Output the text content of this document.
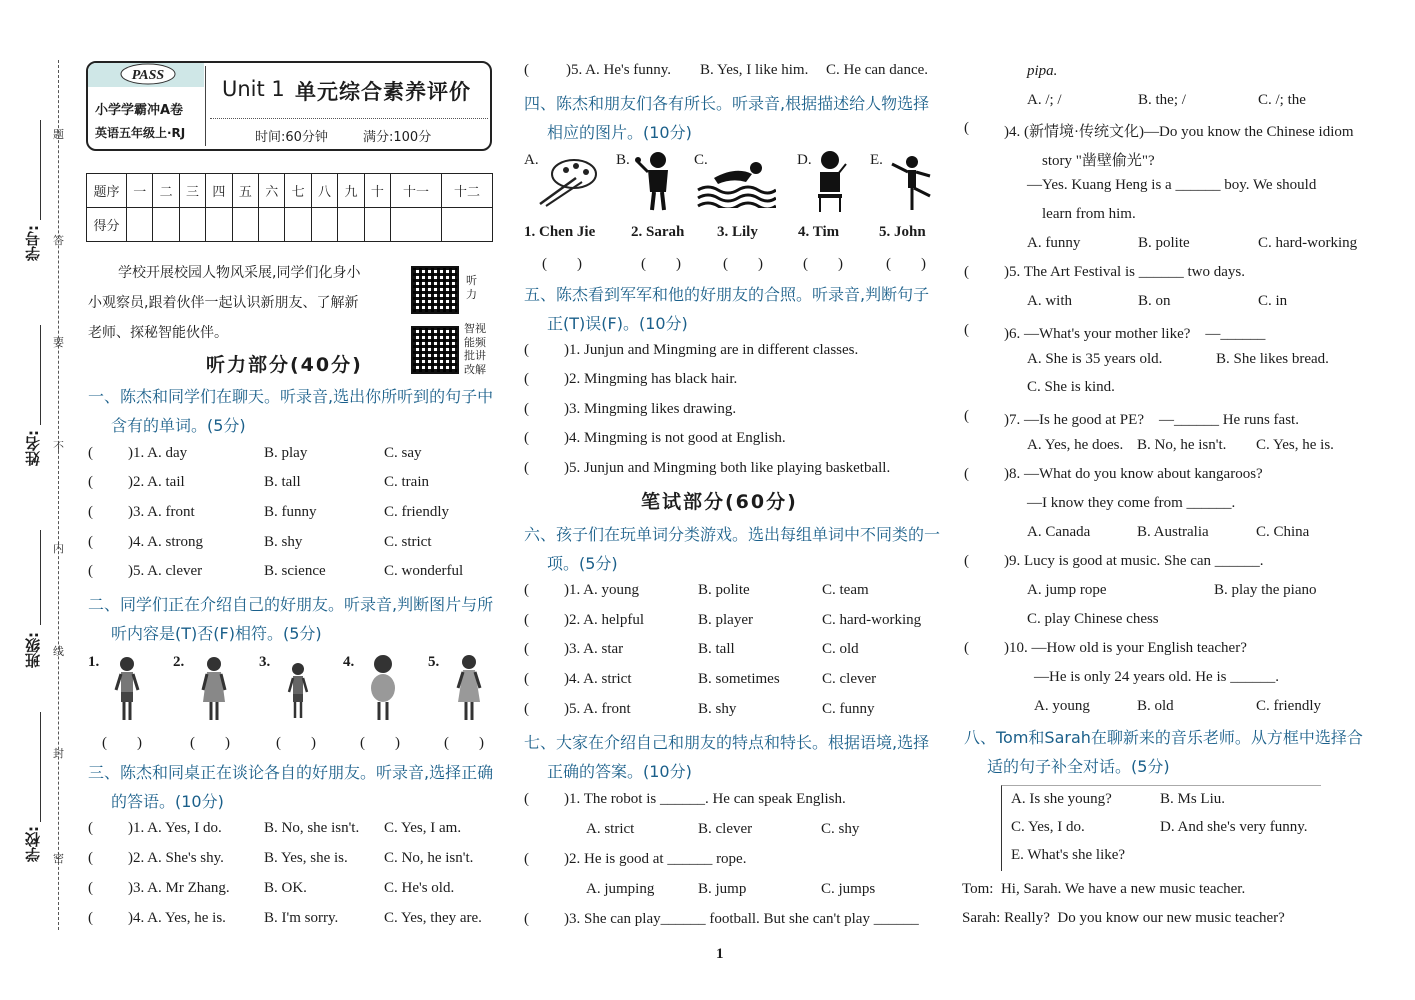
学号:
姓名:
班级:
学校:
题
答
要
不
内
线
封
密
PASS
小学学霸冲A卷
英语五年级上·RJ
Unit 1 单元综合素养评价
时间:60分钟	满分:100分
题序	一	二	三	四	五	六	七	八	九	十	十一	十二
得分												
学校开展校园人物风采展,同学们化身小
小观察员,跟着伙伴一起认识新朋友、了解新
老师、探秘智能伙伴。
听力
智视能频批讲改解
听力部分(40分)
一、陈杰和同学们在聊天。听录音,选出你所听到的句子中
含有的单词。(5分)
( )1. A. day	B. play	C. say
( )2. A. tail	B. tall	C. train
( )3. A. front	B. funny	C. friendly
( )4. A. strong	B. shy	C. strict
( )5. A. clever	B. science	C. wonderful
二、同学们正在介绍自己的好朋友。听录音,判断图片与所
听内容是(T)否(F)相符。(5分)
1.	2.	3.	4.	5.
(　　)	(　　)	(　　)	(　　)	(　　)
三、陈杰和同桌正在谈论各自的好朋友。听录音,选择正确
的答语。(10分)
( )1. A. Yes, I do.	B. No, she isn't. C. Yes, I am.
( )2. A. She's shy.	B. Yes, she is. C. No, he isn't.
( )3. A. Mr Zhang. B. OK.	C. He's old.
( )4. A. Yes, he is.	B. I'm sorry.	C. Yes, they are.
( )5. A. He's funny. B. Yes, I like him. C. He can dance.
四、陈杰和朋友们各有所长。听录音,根据描述给人物选择
相应的图片。(10分)
A.	B.	C.	D.	E.
1. Chen Jie 2. Sarah 3. Lily	4. Tim	5. John
(　　)	(　　)	(　　)	(　　)	(　　)
五、陈杰看到军军和他的好朋友的合照。听录音,判断句子
正(T)误(F)。(10分)
( )1. Junjun and Mingming are in different classes.
( )2. Mingming has black hair.
( )3. Mingming likes drawing.
( )4. Mingming is not good at English.
( )5. Junjun and Mingming both like playing basketball.
笔试部分(60分)
六、孩子们在玩单词分类游戏。选出每组单词中不同类的一
项。(5分)
( )1. A. young	B. polite	C. team
( )2. A. helpful	B. player	C. hard-working
( )3. A. star	B. tall	C. old
( )4. A. strict	B. sometimes	C. clever
( )5. A. front	B. shy	C. funny
七、大家在介绍自己和朋友的特点和特长。根据语境,选择
正确的答案。(10分)
( )1. The robot is ______. He can speak English.
A. strict	B. clever	C. shy
( )2. He is good at ______ rope.
A. jumping	B. jump	C. jumps
( )3. She can play______ football. But she can't play ______
pipa.
A. /; /	B. the; /	C. /; the
( )4. (新情境·传统文化)—Do you know the Chinese idiom
story "凿壁偷光"?
—Yes. Kuang Heng is a ______ boy. We should
learn from him.
A. funny	B. polite	C. hard-working
( )5. The Art Festival is ______ two days.
A. with	B. on	C. in
( )6. —What's your mother like?　—______
A. She is 35 years old.	B. She likes bread.
C. She is kind.
( )7. —Is he good at PE?　—______ He runs fast.
A. Yes, he does. B. No, he isn't. C. Yes, he is.
( )8. —What do you know about kangaroos?
—I know they come from ______.
A. Canada	B. Australia	C. China
( )9. Lucy is good at music. She can ______.
A. jump rope	B. play the piano
C. play Chinese chess
( )10. —How old is your English teacher?
—He is only 24 years old. He is ______.
A. young	B. old	C. friendly
八、Tom和Sarah在聊新来的音乐老师。从方框中选择合
适的句子补全对话。(5分)
A. Is she young?	B. Ms Liu.
C. Yes, I do.	D. And she's very funny.
E. What's she like?
Tom:  Hi, Sarah. We have a new music teacher.
Sarah: Really?  Do you know our new music teacher?
1
